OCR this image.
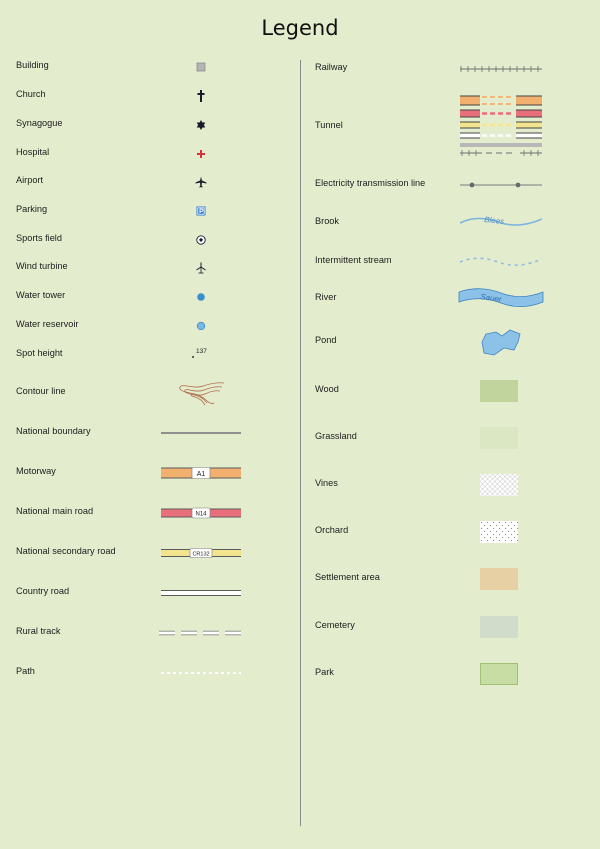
Legend
Building
Church
Synagogue
Hospital
Airport
Parking
Sports field
Wind turbine
Water tower
Water reservoir
Spot height	137
Contour line
National boundary
Motorway	A1
National main road	N14
National secondary road	CR132
Country road
Rural track
Path
Railway
Tunnel
Electricity transmission line
Brook	Blees
Intermittent stream
River	Sauer
Pond
Wood
Grassland
Vines
Orchard
Settlement area
Cemetery
Park
